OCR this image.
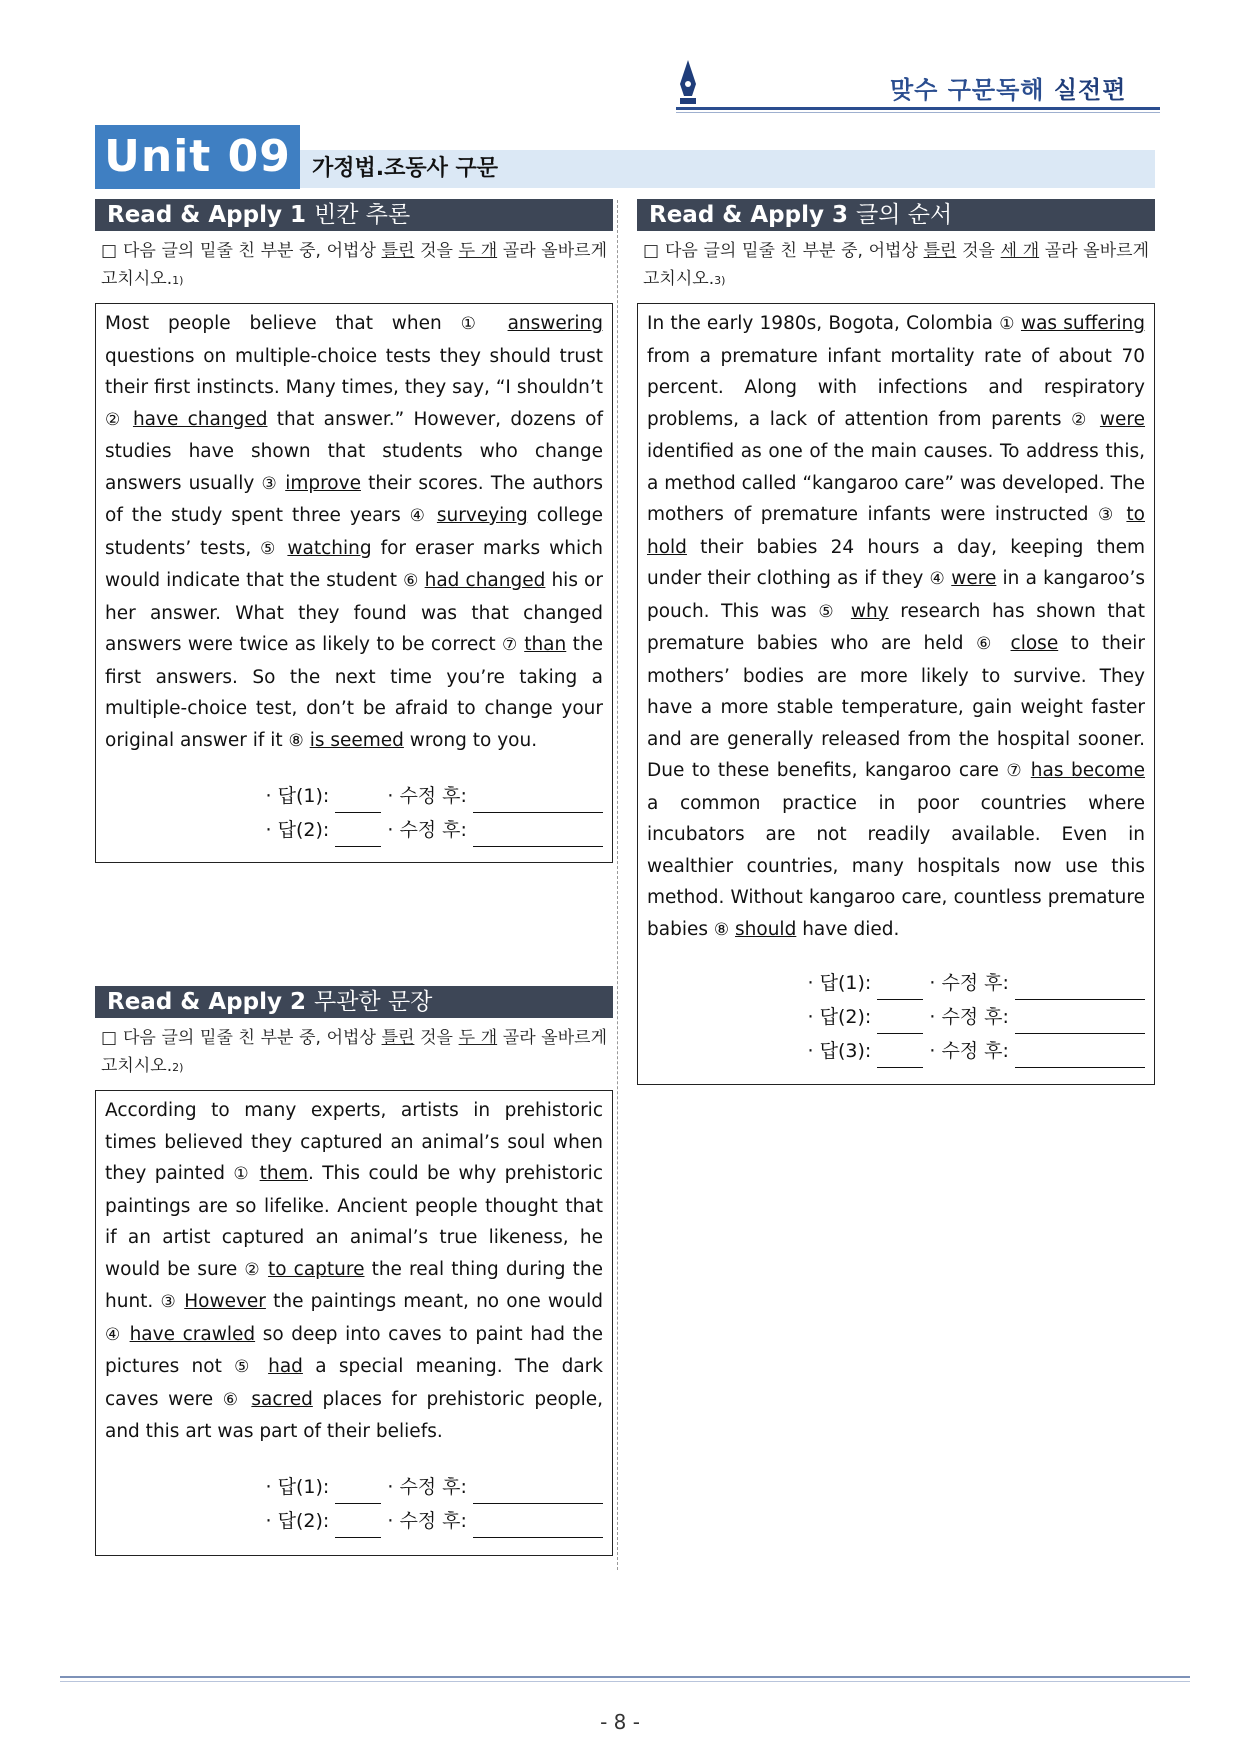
맞수 구문독해 실전편
Unit 09 가정법.조동사 구문
Read & Apply 1 빈칸 추론
□ 다음 글의 밑줄 친 부분 중, 어법상 틀린 것을 두 개 골라 올바르게 고치시오.1)
Most people believe that when ① answering questions on multiple-choice tests they should trust their first instincts. Many times, they say, “I shouldn’t ② have changed that answer.” However, dozens of studies have shown that students who change answers usually ③ improve their scores. The authors of the study spent three years ④ surveying college students’ tests, ⑤ watching for eraser marks which would indicate that the student ⑥ had changed his or her answer. What they found was that changed answers were twice as likely to be correct ⑦ than the first answers. So the next time you’re taking a multiple-choice test, don’t be afraid to change your original answer if it ⑧ is seemed wrong to you.
· 답(1):	· 수정 후:
· 답(2):	· 수정 후:
Read & Apply 2 무관한 문장
□ 다음 글의 밑줄 친 부분 중, 어법상 틀린 것을 두 개 골라 올바르게 고치시오.2)
According to many experts, artists in prehistoric times believed they captured an animal’s soul when they painted ① them. This could be why prehistoric paintings are so lifelike. Ancient people thought that if an artist captured an animal’s true likeness, he would be sure ② to capture the real thing during the hunt. ③ However the paintings meant, no one would ④ have crawled so deep into caves to paint had the pictures not ⑤ had a special meaning. The dark caves were ⑥ sacred places for prehistoric people, and this art was part of their beliefs.
· 답(1):	· 수정 후:
· 답(2):	· 수정 후:
Read & Apply 3 글의 순서
□ 다음 글의 밑줄 친 부분 중, 어법상 틀린 것을 세 개 골라 올바르게 고치시오.3)
In the early 1980s, Bogota, Colombia ① was suffering from a premature infant mortality rate of about 70 percent. Along with infections and respiratory problems, a lack of attention from parents ② were identified as one of the main causes. To address this, a method called “kangaroo care” was developed. The mothers of premature infants were instructed ③ to hold their babies 24 hours a day, keeping them under their clothing as if they ④ were in a kangaroo’s pouch. This was ⑤ why research has shown that premature babies who are held ⑥ close to their mothers’ bodies are more likely to survive. They have a more stable temperature, gain weight faster and are generally released from the hospital sooner. Due to these benefits, kangaroo care ⑦ has become a common practice in poor countries where incubators are not readily available. Even in wealthier countries, many hospitals now use this method. Without kangaroo care, countless premature babies ⑧ should have died.
· 답(1):	· 수정 후:
· 답(2):	· 수정 후:
· 답(3):	· 수정 후:
- 8 -
